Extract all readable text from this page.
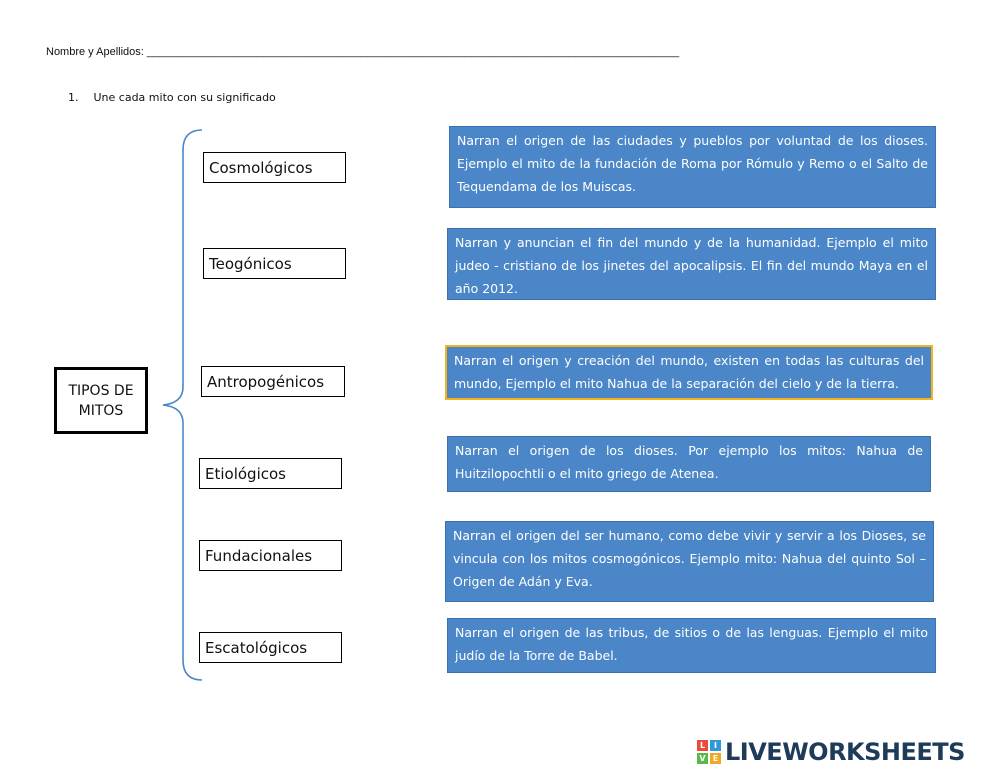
Nombre y Apellidos: _______________________________________________________________________________________
1. Une cada mito con su significado
TIPOS DE
MITOS
Cosmológicos
Teogónicos
Antropogénicos
Etiológicos
Fundacionales
Escatológicos
Narran el origen de las ciudades y pueblos por voluntad de los dioses. Ejemplo el mito de la fundación de Roma por Rómulo y Remo o el Salto de Tequendama de los Muiscas.
Narran y anuncian el fin del mundo y de la humanidad. Ejemplo el mito judeo - cristiano de los jinetes del apocalipsis. El fin del mundo Maya en el año 2012.
Narran el origen y creación del mundo, existen en todas las culturas del mundo, Ejemplo el mito Nahua de la separación del cielo y de la tierra.
Narran el origen de los dioses. Por ejemplo los mitos: Nahua de Huitzilopochtli o el mito griego de Atenea.
Narran el origen del ser humano, como debe vivir y servir a los Dioses, se vincula con los mitos cosmogónicos. Ejemplo mito: Nahua del quinto Sol – Origen de Adán y Eva.
Narran el origen de las tribus, de sitios o de las lenguas. Ejemplo el mito judío de la Torre de Babel.
L	I
V E LIVEWORKSHEETS
